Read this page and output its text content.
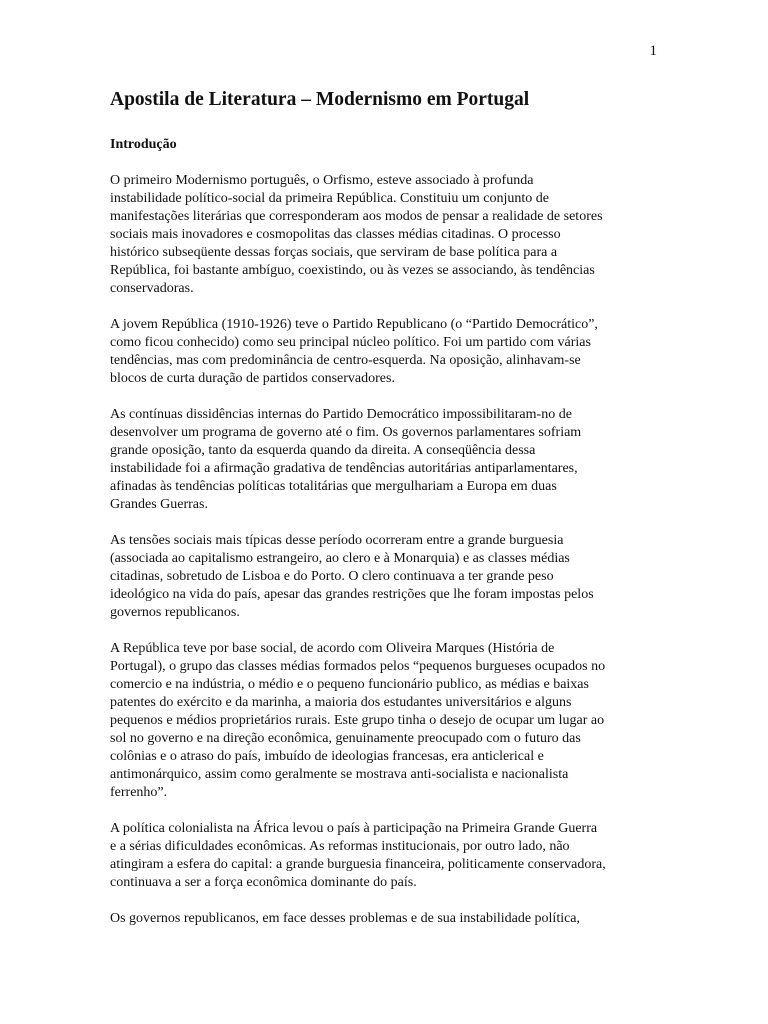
1
Apostila de Literatura – Modernismo em Portugal
Introdução

O primeiro Modernismo português, o Orfismo, esteve associado à profunda
instabilidade político-social da primeira República. Constituiu um conjunto de
manifestações literárias que corresponderam aos modos de pensar a realidade de setores
sociais mais inovadores e cosmopolitas das classes médias citadinas. O processo
histórico subseqüente dessas forças sociais, que serviram de base política para a
República, foi bastante ambíguo, coexistindo, ou às vezes se associando, às tendências
conservadoras.

A jovem República (1910-1926) teve o Partido Republicano (o “Partido Democrático”,
como ficou conhecido) como seu principal núcleo político. Foi um partido com várias
tendências, mas com predominância de centro-esquerda. Na oposição, alinhavam-se
blocos de curta duração de partidos conservadores.

As contínuas dissidências internas do Partido Democrático impossibilitaram-no de
desenvolver um programa de governo até o fim. Os governos parlamentares sofriam
grande oposição, tanto da esquerda quando da direita. A conseqüência dessa
instabilidade foi a afirmação gradativa de tendências autoritárias antiparlamentares,
afinadas às tendências políticas totalitárias que mergulhariam a Europa em duas
Grandes Guerras.

As tensões sociais mais típicas desse período ocorreram entre a grande burguesia
(associada ao capitalismo estrangeiro, ao clero e à Monarquia) e as classes médias
citadinas, sobretudo de Lisboa e do Porto. O clero continuava a ter grande peso
ideológico na vida do país, apesar das grandes restrições que lhe foram impostas pelos
governos republicanos.

A República teve por base social, de acordo com Oliveira Marques (História de
Portugal), o grupo das classes médias formados pelos “pequenos burgueses ocupados no
comercio e na indústria, o médio e o pequeno funcionário publico, as médias e baixas
patentes do exército e da marinha, a maioria dos estudantes universitários e alguns
pequenos e médios proprietários rurais. Este grupo tinha o desejo de ocupar um lugar ao
sol no governo e na direção econômica, genuinamente preocupado com o futuro das
colônias e o atraso do país, imbuído de ideologias francesas, era anticlerical e
antimonárquico, assim como geralmente se mostrava anti-socialista e nacionalista
ferrenho”.

A política colonialista na África levou o país à participação na Primeira Grande Guerra
e a sérias dificuldades econômicas. As reformas institucionais, por outro lado, não
atingiram a esfera do capital: a grande burguesia financeira, politicamente conservadora,
continuava a ser a força econômica dominante do país.

Os governos republicanos, em face desses problemas e de sua instabilidade política,
